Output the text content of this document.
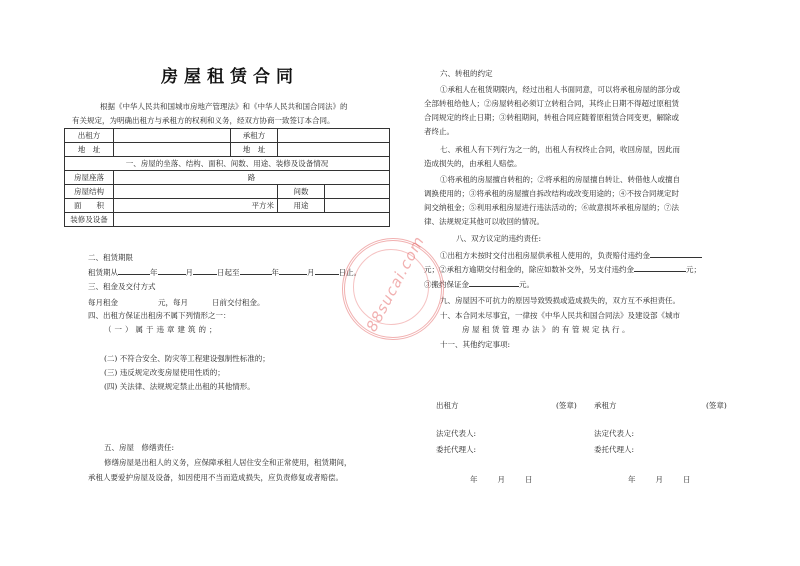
房屋租赁合同
根据《中华人民共和国城市房地产管理法》和《中华人民共和国合同法》的
有关规定，为明确出租方与承租方的权利和义务，经双方协商一致签订本合同。
出租方		承租方		
地　址		地　址		
一、房屋的坐落、结构、面积、间数、用途、装修及设备情况				
房屋座落	路			
房屋结构			间数	
面　　积	平方米		用途	
装修及设备				
二、租赁期限
租赁期从	年	月	日起至	年	月	日止。
三、租金及交付方式
每月租金	元，每月	日前交付租金。
四、出租方保证出租房不属下列情形之一：
（一）属于违章建筑的；
(二) 不符合安全、防灾等工程建设强制性标准的；
(三) 违反规定改变房屋使用性质的；
(四) 关法律、法规规定禁止出租的其他情形。
五、房屋　修缮责任:
修缮房屋是出租人的义务，应保障承租人居住安全和正常使用，租赁期间，
承租人要爱护房屋及设备，如因使用不当而造成损失，应负责修复或者赔偿。
六、转租的约定
①承租人在租赁期限内，经过出租人书面同意，可以将承租房屋的部分或
全部转租给他人；②房屋转租必须订立转租合同，其终止日期不得超过原租赁
合同规定的终止日期；③转租期间，转租合同应随着原租赁合同变更，解除或
者终止。
七、承租人有下列行为之一的，出租人有权终止合同，收回房屋，因此而
造成损失的，由承租人赔偿。
①将承租的房屋擅自转租的；②将承租的房屋擅自转让、转借他人或擅自
调换使用的；③将承租的房屋擅自拆改结构或改变用途的；④不按合同规定时
间交纳租金；⑤利用承租房屋进行违法活动的；⑥故意损坏承租房屋的；⑦法
律、法规规定其他可以收回的情况。
八、双方议定的违约责任:
①出租方未按时交付出租房屋供承租人使用的，负责赔付违约金
元；②承租方逾期交付租金的，除应如数补交外，另支付违约金	元；
③搬约保证金	元。
九、房屋因不可抗力的原因导致毁损或造成损失的，双方互不承担责任。
十、本合同未尽事宜，一律按《中华人民共和国合同法》及建设部《城市
房屋租赁管理办法》的有管规定执行。
十一、其他约定事项:
出租方	(签章) 承租方	(签章)
法定代表人:	法定代表人:
委托代理人:	委托代理人:
年	月	日	年	月	日
88sucai.com
